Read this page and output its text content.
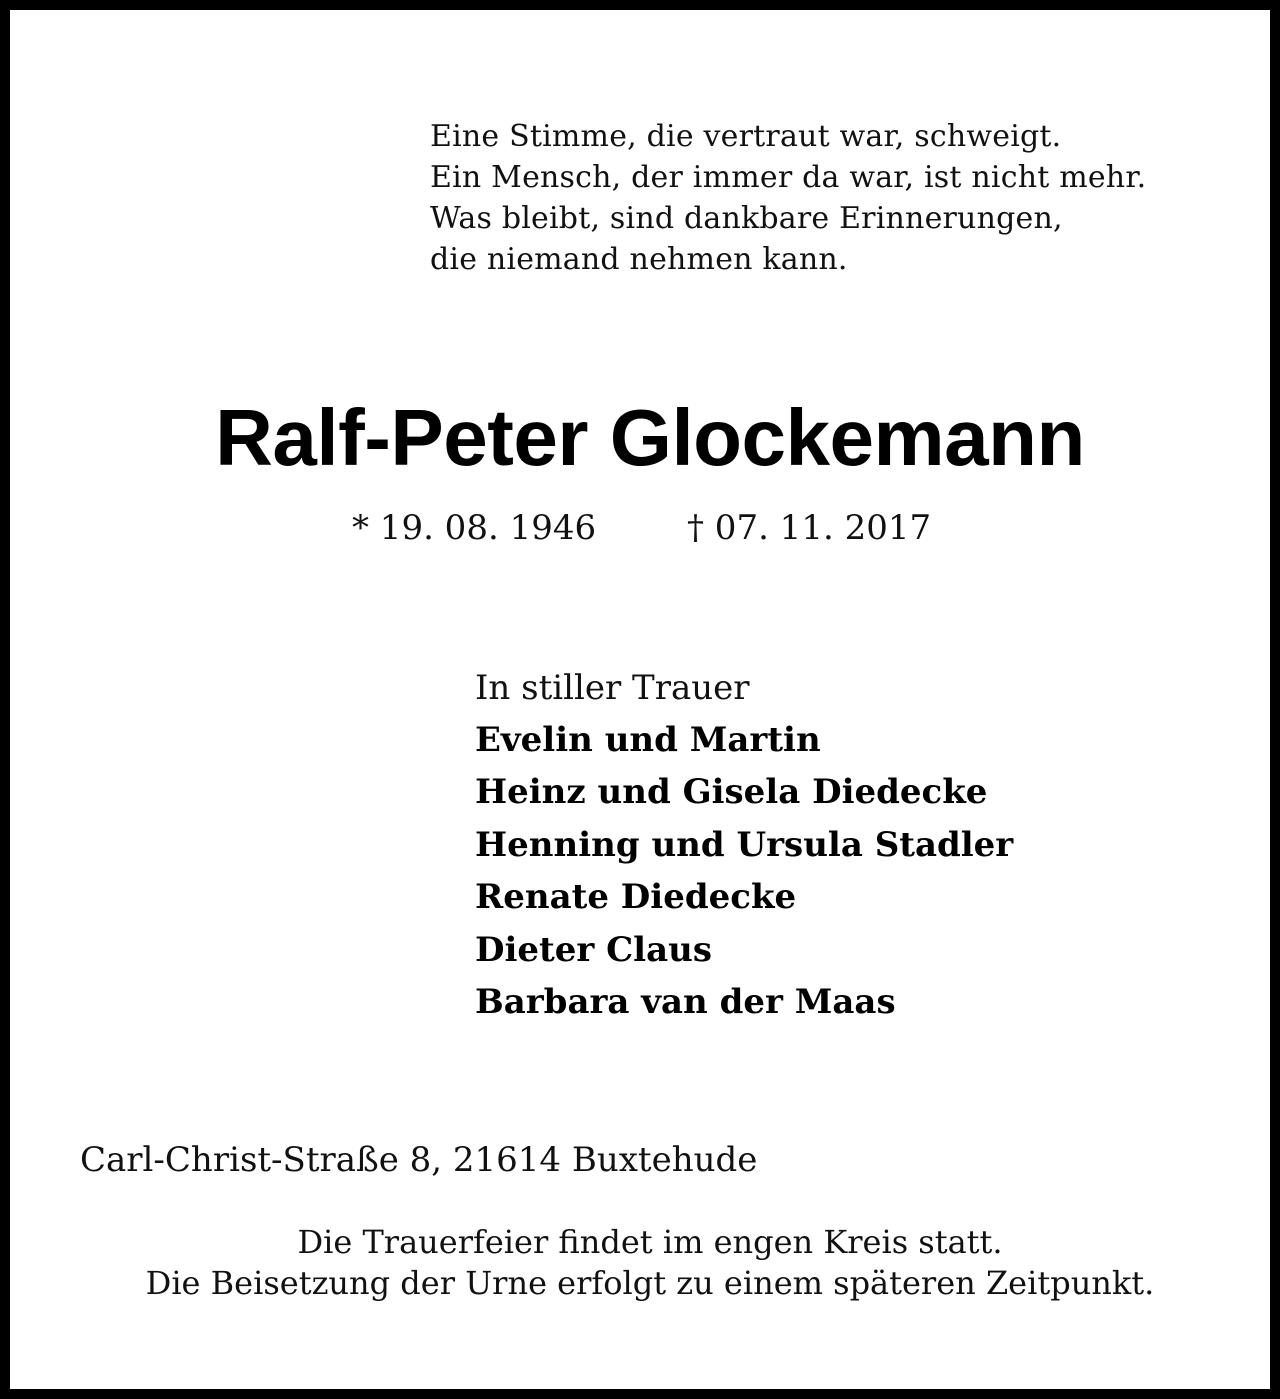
Eine Stimme, die vertraut war, schweigt.
Ein Mensch, der immer da war, ist nicht mehr.
Was bleibt, sind dankbare Erinnerungen,
die niemand nehmen kann.
Ralf-Peter Glockemann
* 19. 08. 1946	† 07. 11. 2017
In stiller Trauer
Evelin und Martin
Heinz und Gisela Diedecke
Henning und Ursula Stadler
Renate Diedecke
Dieter Claus
Barbara van der Maas
Carl-Christ-Straße 8, 21614 Buxtehude
Die Trauerfeier findet im engen Kreis statt.
Die Beisetzung der Urne erfolgt zu einem späteren Zeitpunkt.
